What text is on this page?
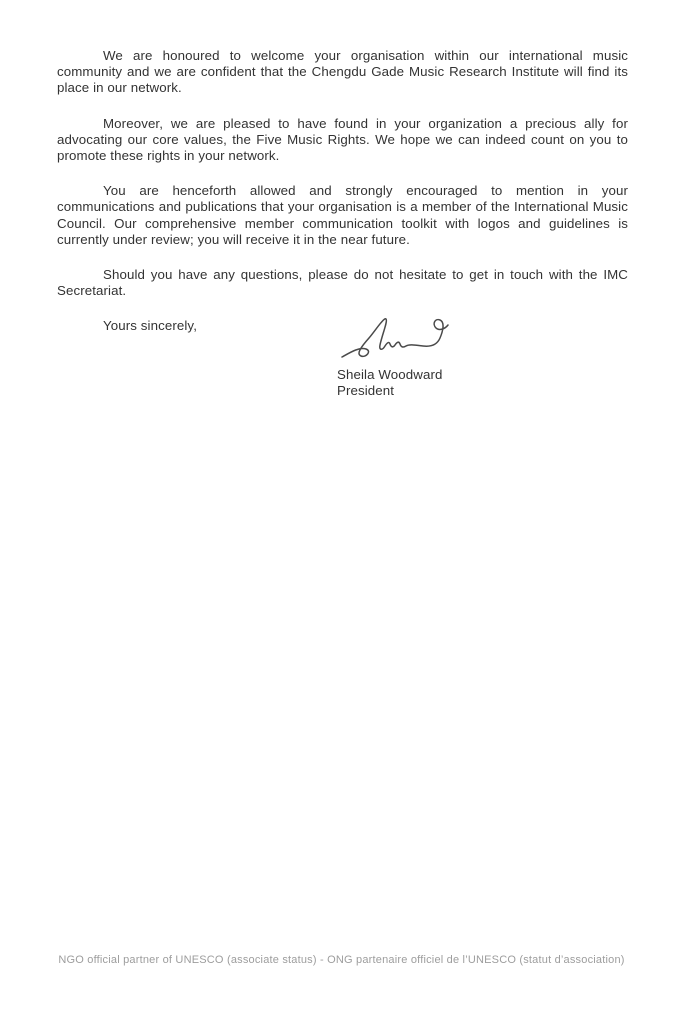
We are honoured to welcome your organisation within our international music community and we are confident that the Chengdu Gade Music Research Institute will find its place in our network.

Moreover, we are pleased to have found in your organization a precious ally for advocating our core values, the Five Music Rights. We hope we can indeed count on you to promote these rights in your network.

You are henceforth allowed and strongly encouraged to mention in your communications and publications that your organisation is a member of the International Music Council. Our comprehensive member communication toolkit with logos and guidelines is currently under review; you will receive it in the near future.

Should you have any questions, please do not hesitate to get in touch with the IMC Secretariat.

Yours sincerely,

Sheila Woodward
President
NGO official partner of UNESCO (associate status) - ONG partenaire officiel de l’UNESCO (statut d’association)
